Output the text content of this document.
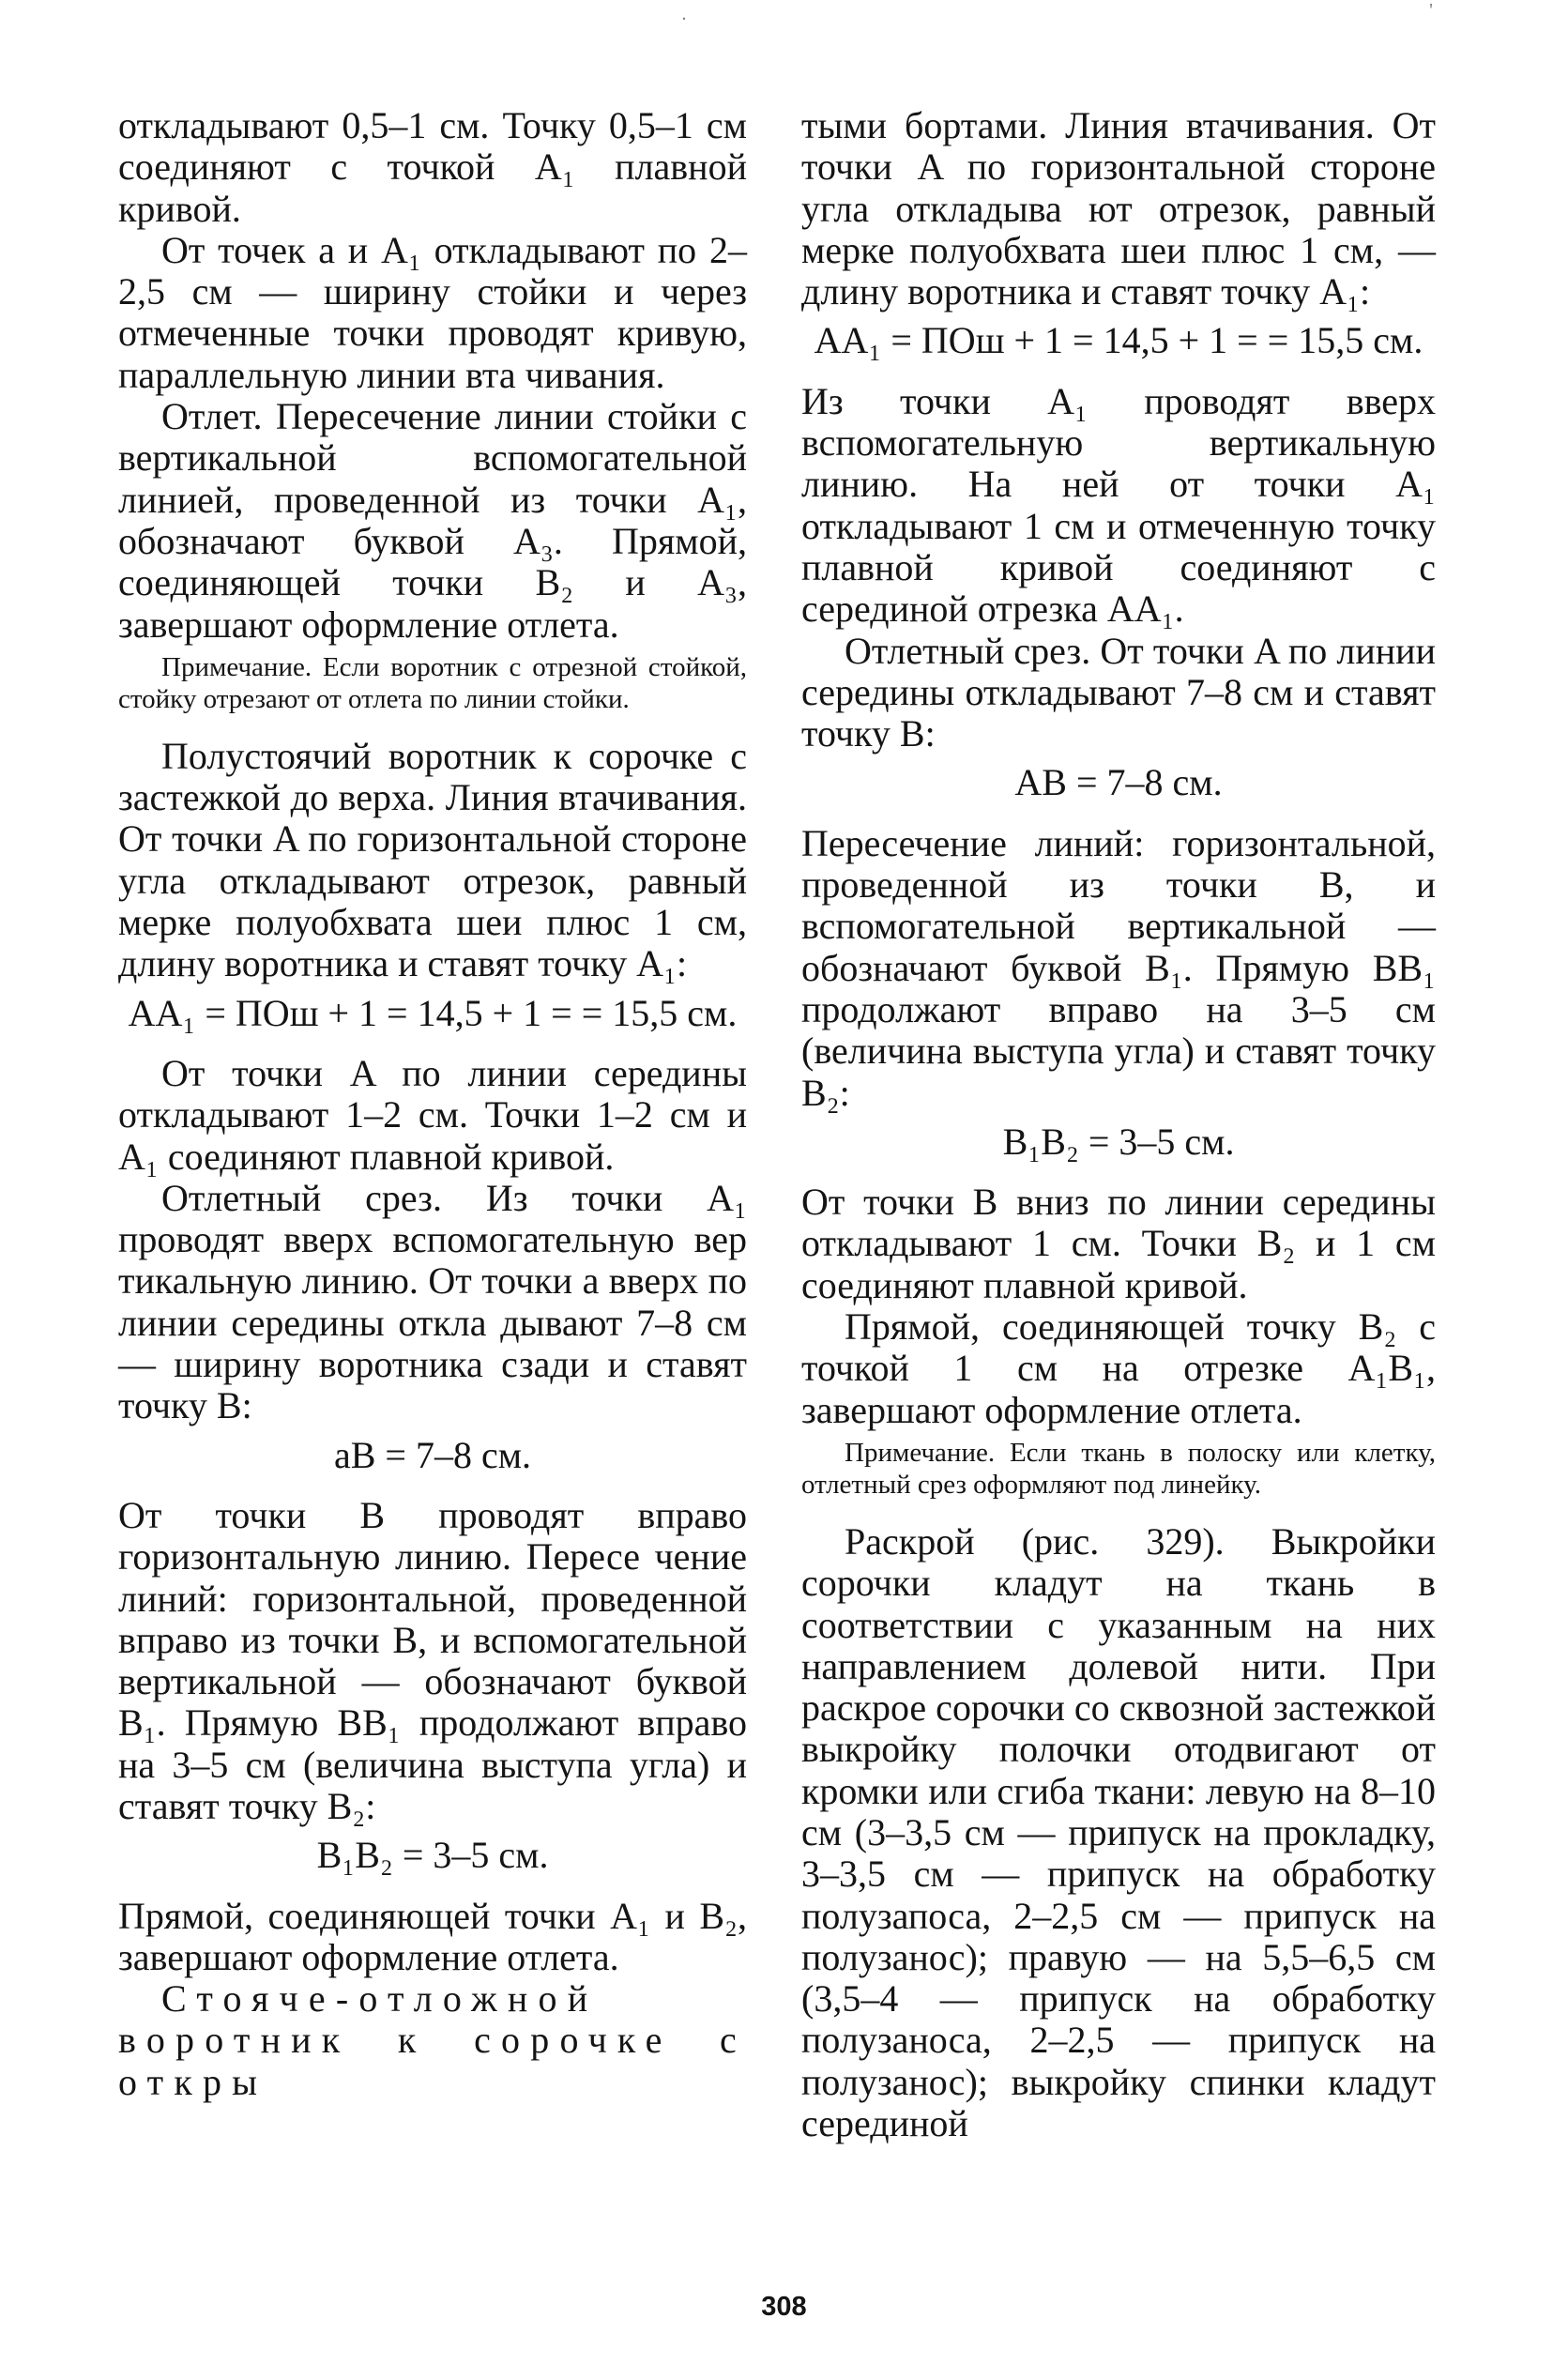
.	'

откладывают 0,5–1 см. Точку 0,5–1 см соединяют с точкой A₁ плавной кривой.

От точек a и A₁ откладывают по 2–2,5 см — ширину стойки и через отмеченные точки проводят кривую, параллельную линии вта чивания.

Отлет. Пересечение линии стойки с вертикальной вспомогательной линией, проведенной из точки A₁, обозначают буквой A₃. Прямой, соединяющей точки B₂ и A₃, завершают оформление отлета.

Примечание. Если воротник с отрезной стойкой, стойку отрезают от отлета по линии стойки.

Полустоячий воротник к сорочке с застежкой до верха. Линия втачивания. От точки A по горизонтальной стороне угла откладывают отрезок, равный мерке полуобхвата шеи плюс 1 см, длину воротника и ставят точку A₁:

AA₁ = ПОш + 1 = 14,5 + 1 = = 15,5 см.

От точки A по линии середины откладывают 1–2 см. Точки 1–2 см и A₁ соединяют плавной кривой.

Отлетный срез. Из точки A₁ проводят вверх вспомогательную вер тикальную линию. От точки a вверх по линии середины откла дывают 7–8 см — ширину воротника сзади и ставят точку B:

aB = 7–8 см.

От точки B проводят вправо горизонтальную линию. Пересе чение линий: горизонтальной, проведенной вправо из точки B, и вспомогательной вертикальной — обозначают буквой B₁. Прямую BB₁ продолжают вправо на 3–5 см (величина выступа угла) и ставят точку B₂:

B₁B₂ = 3–5 см.

Прямой, соединяющей точки A₁ и B₂, завершают оформление отлета.

Стояче-отложной воротник к сорочке с откры

тыми бортами. Линия втачивания. От точки A по горизонтальной стороне угла откладыва ют отрезок, равный мерке полуобхвата шеи плюс 1 см, — длину воротника и ставят точку A₁:

AA₁ = ПОш + 1 = 14,5 + 1 = = 15,5 см.

Из точки A₁ проводят вверх вспомогательную вертикальную линию. На ней от точки A₁ откладывают 1 см и отмеченную точку плавной кривой соединяют с серединой отрезка AA₁.

Отлетный срез. От точки A по линии середины откладывают 7–8 см и ставят точку B:

AB = 7–8 см.

Пересечение линий: горизонтальной, проведенной из точки B, и вспомогательной вертикальной — обозначают буквой B₁. Прямую BB₁ продолжают вправо на 3–5 см (величина выступа угла) и ставят точку B₂:

B₁B₂ = 3–5 см.

От точки B вниз по линии середины откладывают 1 см. Точки B₂ и 1 см соединяют плавной кривой.

Прямой, соединяющей точку B₂ с точкой 1 см на отрезке A₁B₁, завершают оформление отлета.

Примечание. Если ткань в полоску или клетку, отлетный срез оформляют под линейку.

Раскрой (рис. 329). Выкройки сорочки кладут на ткань в соответствии с указанным на них направлением долевой нити. При раскрое сорочки со сквозной застежкой выкройку полочки отодвигают от кромки или сгиба ткани: левую на 8–10 см (3–3,5 см — припуск на прокладку, 3–3,5 см — припуск на обработку полузапоса, 2–2,5 см — припуск на полузанос); правую — на 5,5–6,5 см (3,5–4 — припуск на обработку полузаноса, 2–2,5 — припуск на полузанос); выкройку спинки кладут серединой

308
